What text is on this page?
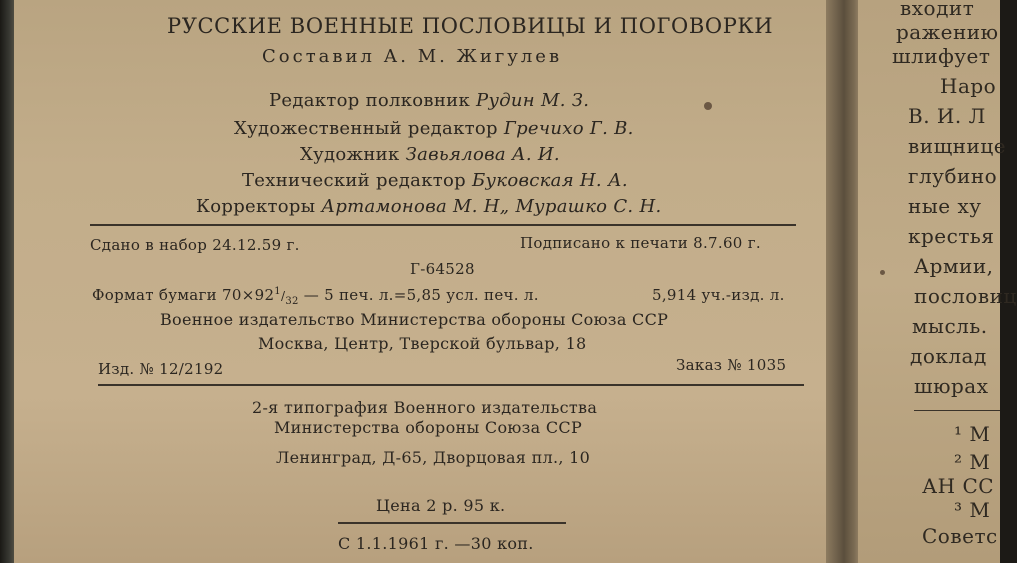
РУССКИЕ ВОЕННЫЕ ПОСЛОВИЦЫ И ПОГОВОРКИ
Составил А. М. Жигулев
Редактор полковник Рудин М. З.
Художественный редактор Гречихо Г. В.
Художник Завьялова А. И.
Технический редактор Буковская Н. А.
Корректоры Артамонова М. Н„ Мурашко С. Н.
Сдано в набор 24.12.59 г.	Подписано к печати 8.7.60 г.
Г-64528
Формат бумаги $70\times 92^1/_{32}$ — 5 печ. л.=5,85 усл. печ. л.	5,914 уч.-изд. л.
Военное издательство Министерства обороны Союза ССР
Москва, Центр, Тверской бульвар, 18
Изд. № 12/2192	Заказ № 1035
2-я типография Военного издательства
Министерства обороны Союза ССР
Ленинград, Д-65, Дворцовая пл., 10
Цена 2 р. 95 к.
С 1.1.1961 г. —30 коп.
входит
ражению
шлифует
Наро
В. И. Л
вищнице
глубино
ные ху
крестья
Армии,
пословиц
мысль.
доклад
шюрах
¹ М
² М
АН СС
³ М
Советс
